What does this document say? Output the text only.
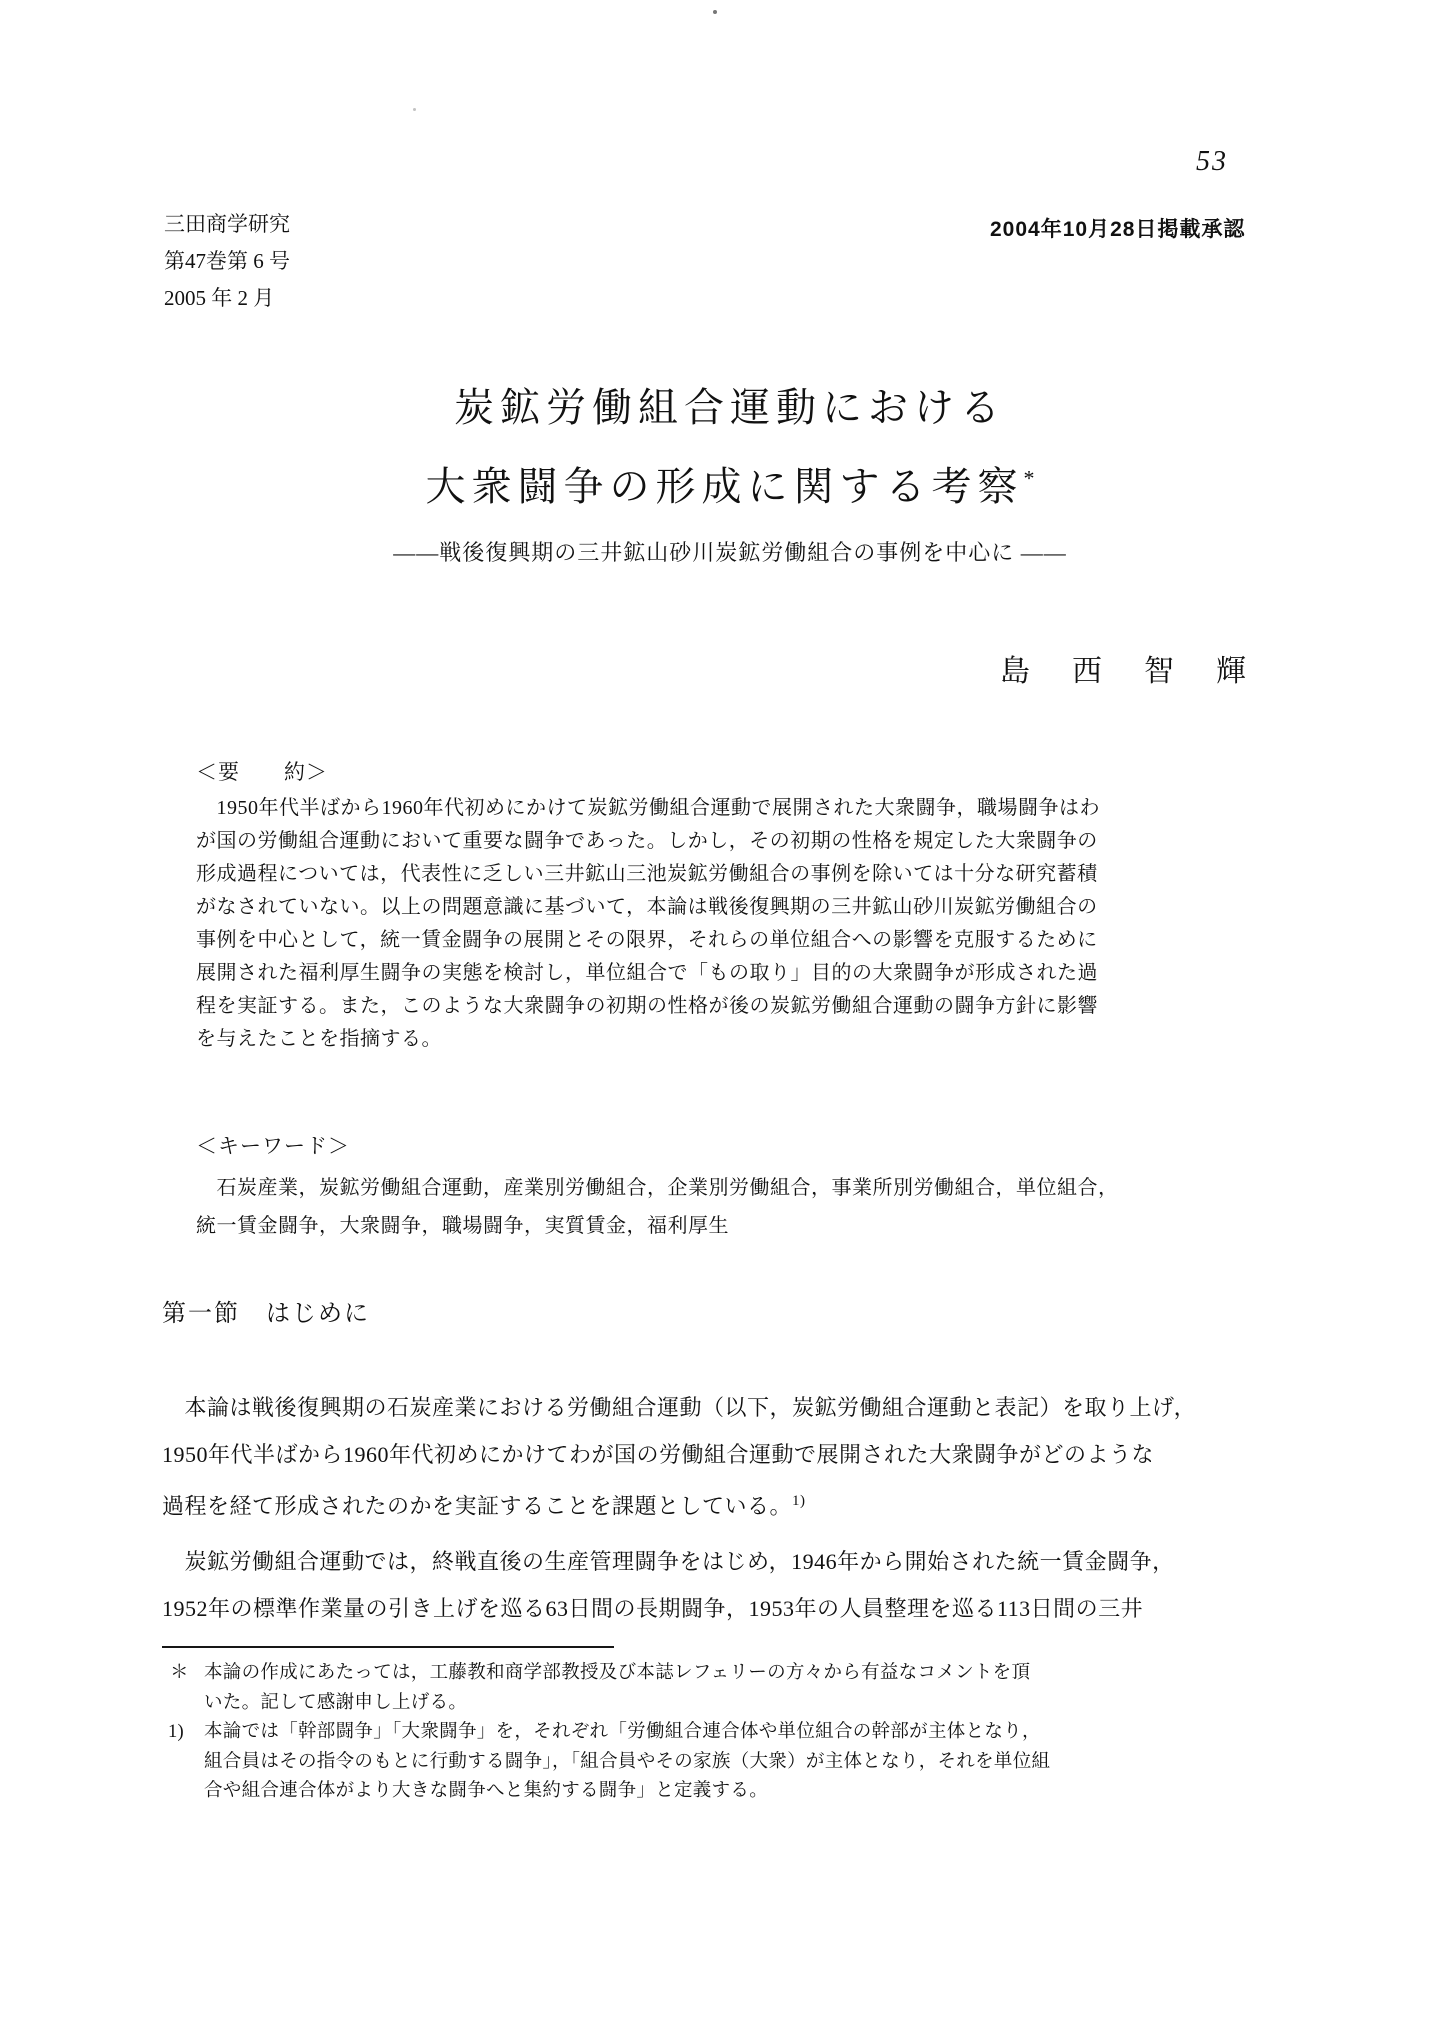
53
三田商学研究
第47巻第 6 号
2005 年 2 月
2004年10月28日掲載承認
炭鉱労働組合運動における
大衆闘争の形成に関する考察*
――戦後復興期の三井鉱山砂川炭鉱労働組合の事例を中心に ――
島　西　智　輝
＜要　　約＞
　1950年代半ばから1960年代初めにかけて炭鉱労働組合運動で展開された大衆闘争，職場闘争はわ
が国の労働組合運動において重要な闘争であった。しかし，その初期の性格を規定した大衆闘争の
形成過程については，代表性に乏しい三井鉱山三池炭鉱労働組合の事例を除いては十分な研究蓄積
がなされていない。以上の問題意識に基づいて，本論は戦後復興期の三井鉱山砂川炭鉱労働組合の
事例を中心として，統一賃金闘争の展開とその限界，それらの単位組合への影響を克服するために
展開された福利厚生闘争の実態を検討し，単位組合で「もの取り」目的の大衆闘争が形成された過
程を実証する。また，このような大衆闘争の初期の性格が後の炭鉱労働組合運動の闘争方針に影響
を与えたことを指摘する。
＜キーワード＞
　石炭産業，炭鉱労働組合運動，産業別労働組合，企業別労働組合，事業所別労働組合，単位組合，
統一賃金闘争，大衆闘争，職場闘争，実質賃金，福利厚生
第一節　はじめに
　本論は戦後復興期の石炭産業における労働組合運動（以下，炭鉱労働組合運動と表記）を取り上げ，
1950年代半ばから1960年代初めにかけてわが国の労働組合運動で展開された大衆闘争がどのような
過程を経て形成されたのかを実証することを課題としている。$^{1)}$
　炭鉱労働組合運動では，終戦直後の生産管理闘争をはじめ，1946年から開始された統一賃金闘争，
1952年の標準作業量の引き上げを巡る63日間の長期闘争，1953年の人員整理を巡る113日間の三井
＊ 本論の作成にあたっては，工藤教和商学部教授及び本誌レフェリーの方々から有益なコメントを頂
いた。記して感謝申し上げる。
1) 本論では「幹部闘争」「大衆闘争」を，それぞれ「労働組合連合体や単位組合の幹部が主体となり，
組合員はその指令のもとに行動する闘争」，「組合員やその家族（大衆）が主体となり，それを単位組
合や組合連合体がより大きな闘争へと集約する闘争」と定義する。
